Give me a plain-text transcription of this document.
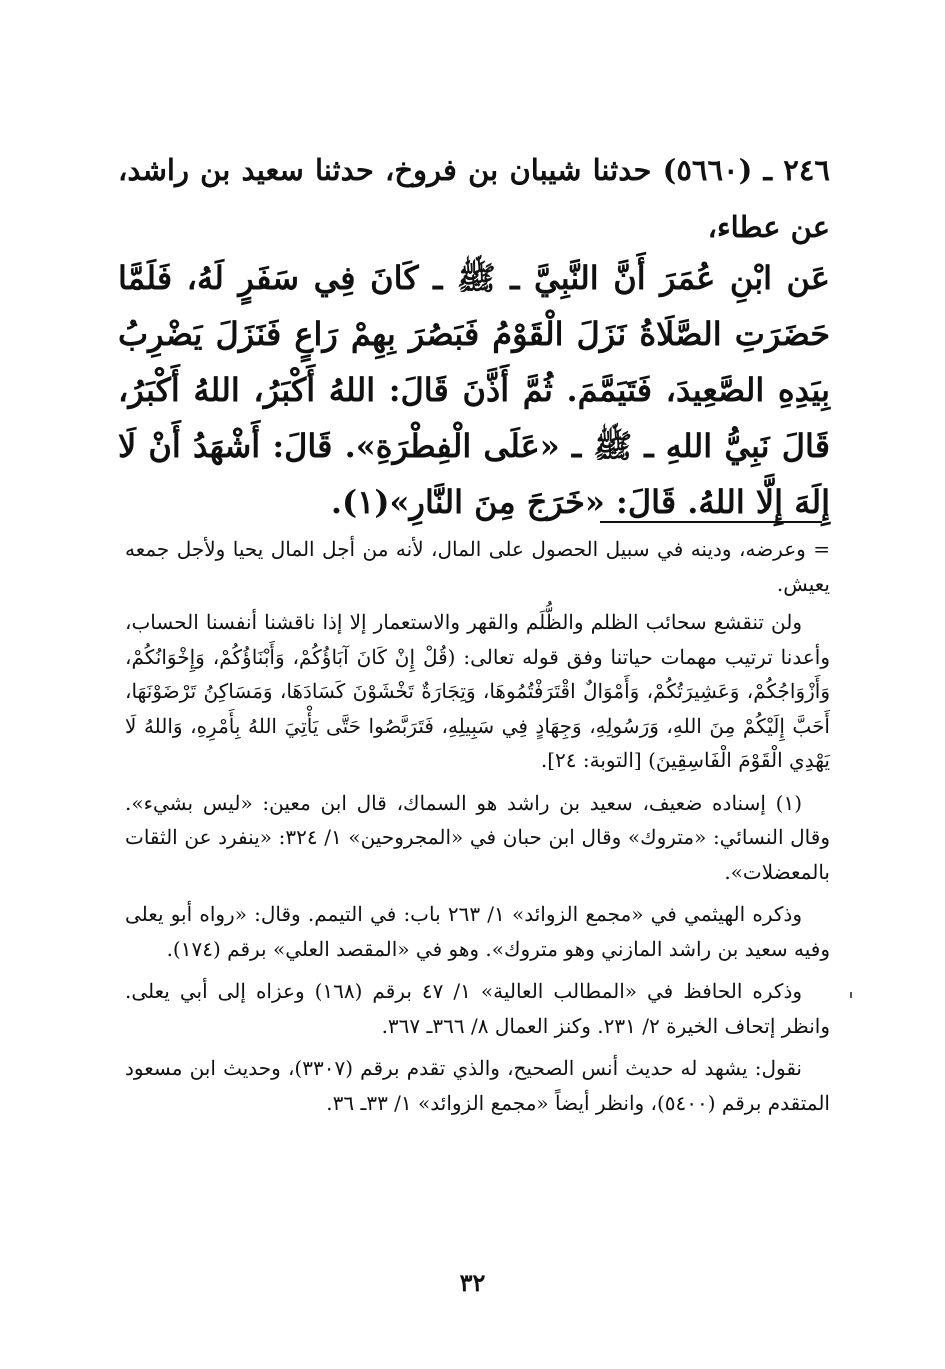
٢٤٦ ـ (٥٦٦٠) حدثنا شيبان بن فروخ، حدثنا سعيد بن راشد، عن عطاء،
عَن ابْنِ عُمَرَ أَنَّ النَّبِيَّ ـ ﷺ ـ كَانَ فِي سَفَرٍ لَهُ، فَلَمَّا حَضَرَتِ الصَّلَاةُ نَزَلَ الْقَوْمُ فَبَصُرَ بِهِمْ رَاعٍ فَنَزَلَ يَضْرِبُ بِيَدِهِ الصَّعِيدَ، فَتَيَمَّمَ. ثُمَّ أَذَّنَ قَالَ: اللهُ أَكْبَرُ، اللهُ أَكْبَرُ، قَالَ نَبِيُّ اللهِ ـ ﷺ ـ «عَلَى الْفِطْرَةِ». قَالَ: أَشْهَدُ أَنْ لَا إِلَهَ إِلَّا اللهُ. قَالَ: «خَرَجَ مِنَ النَّارِ»(١).

= وعرضه، ودينه في سبيل الحصول على المال، لأنه من أجل المال يحيا ولأجل جمعه يعيش.

ولن تنقشع سحائب الظلم والظُّلَم والقهر والاستعمار إلا إذا ناقشنا أنفسنا الحساب، وأعدنا ترتيب مهمات حياتنا وفق قوله تعالى: (قُلْ إِنْ كَانَ آبَاؤُكُمْ، وَأَبْنَاؤُكُمْ، وَإِخْوَانُكُمْ، وَأَزْوَاجُكُمْ، وَعَشِيرَتُكُمْ، وَأَمْوَالٌ اقْتَرَفْتُمُوهَا، وَتِجَارَةٌ تَخْشَوْنَ كَسَادَهَا، وَمَسَاكِنُ تَرْضَوْنَهَا، أَحَبَّ إِلَيْكُمْ مِنَ اللهِ، وَرَسُولِهِ، وَجِهَادٍ فِي سَبِيلِهِ، فَتَرَبَّصُوا حَتَّى يَأْتِيَ اللهُ بِأَمْرِهِ، وَاللهُ لَا يَهْدِي الْقَوْمَ الْفَاسِقِينَ) [التوبة: ٢٤].

(١) إسناده ضعيف، سعيد بن راشد هو السماك، قال ابن معين: «ليس بشيء». وقال النسائي: «متروك» وقال ابن حبان في «المجروحين» ١/ ٣٢٤: «ينفرد عن الثقات بالمعضلات».

وذكره الهيثمي في «مجمع الزوائد» ١/ ٢٦٣ باب: في التيمم. وقال: «رواه أبو يعلى وفيه سعيد بن راشد المازني وهو متروك». وهو في «المقصد العلي» برقم (١٧٤).

وذكره الحافظ في «المطالب العالية» ١/ ٤٧ برقم (١٦٨) وعزاه إلى أبي يعلى. وانظر إتحاف الخيرة ٢/ ٢٣١. وكنز العمال ٨/ ٣٦٦ـ ٣٦٧.

نقول: يشهد له حديث أنس الصحيح، والذي تقدم برقم (٣٣٠٧)، وحديث ابن مسعود المتقدم برقم (٥٤٠٠)، وانظر أيضاً «مجمع الزوائد» ١/ ٣٣ـ ٣٦.

٣٢
